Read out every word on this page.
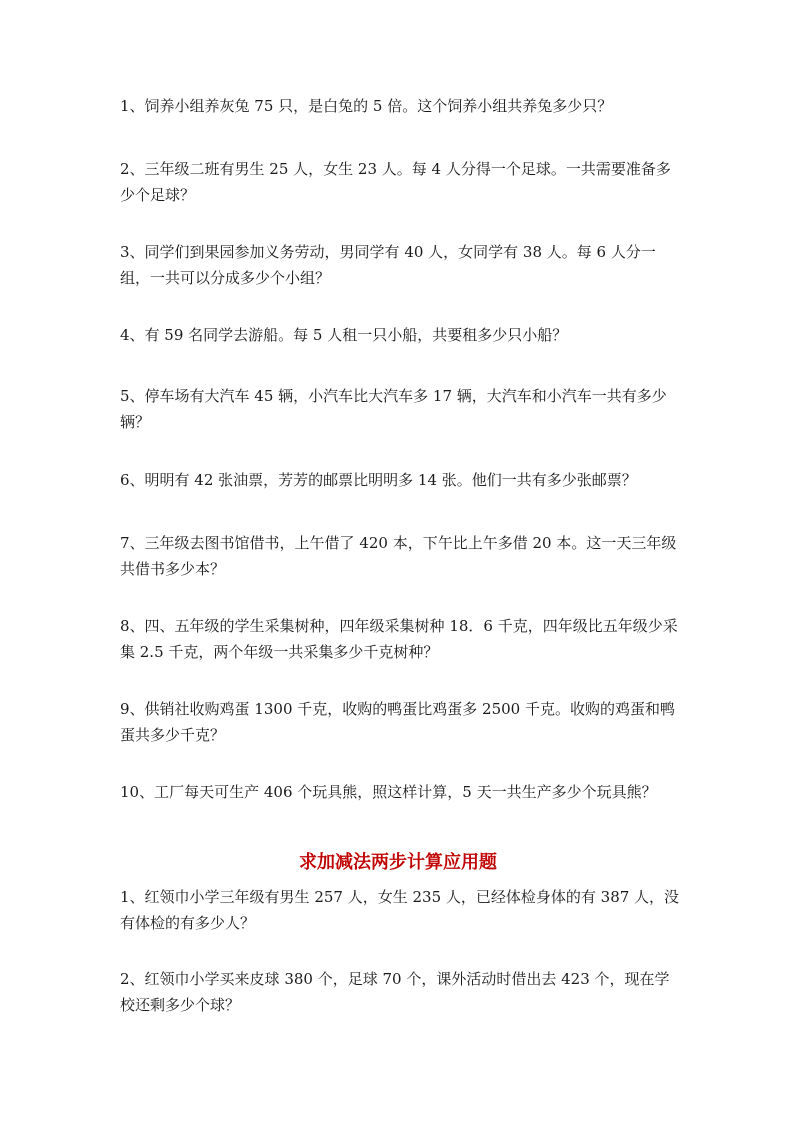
1、饲养小组养灰兔 75 只，是白兔的 5 倍。这个饲养小组共养兔多少只？

2、三年级二班有男生 25 人，女生 23 人。每 4 人分得一个足球。一共需要准备多少个足球？

3、同学们到果园参加义务劳动，男同学有 40 人，女同学有 38 人。每 6 人分一组，一共可以分成多少个小组？

4、有 59 名同学去游船。每 5 人租一只小船，共要租多少只小船？

5、停车场有大汽车 45 辆，小汽车比大汽车多 17 辆，大汽车和小汽车一共有多少辆？

6、明明有 42 张油票，芳芳的邮票比明明多 14 张。他们一共有多少张邮票？

7、三年级去图书馆借书，上午借了 420 本，下午比上午多借 20 本。这一天三年级共借书多少本？

8、四、五年级的学生采集树种，四年级采集树种 18．6 千克，四年级比五年级少采集 2.5 千克，两个年级一共采集多少千克树种？

9、供销社收购鸡蛋 1300 千克，收购的鸭蛋比鸡蛋多 2500 千克。收购的鸡蛋和鸭蛋共多少千克？

10、工厂每天可生产 406 个玩具熊，照这样计算，5 天一共生产多少个玩具熊？

求加减法两步计算应用题

1、红领巾小学三年级有男生 257 人，女生 235 人，已经体检身体的有 387 人，没有体检的有多少人？

2、红领巾小学买来皮球 380 个，足球 70 个，课外活动时借出去 423 个，现在学校还剩多少个球？
